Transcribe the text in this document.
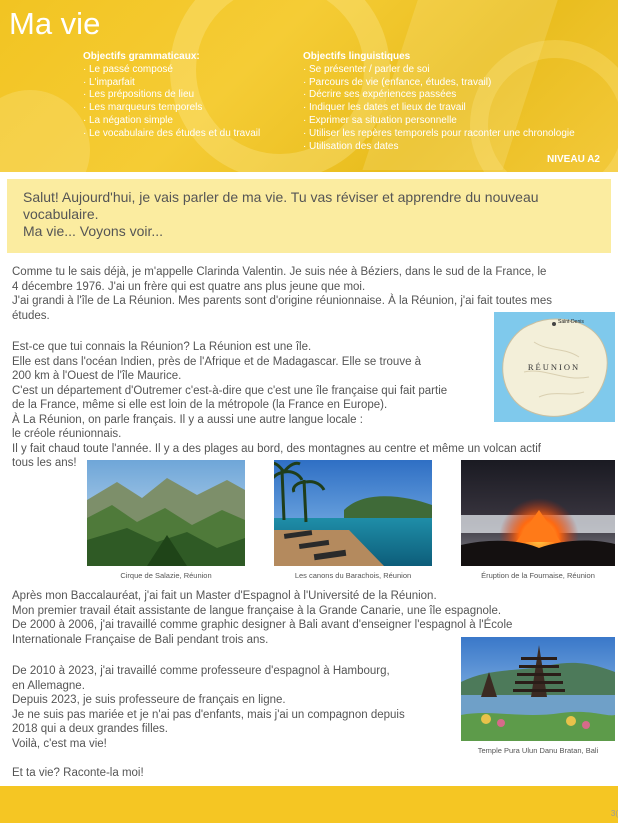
Ma vie
Objectifs grammaticaux:
· Le passé composé
· L'imparfait
· Les prépositions de lieu
· Les marqueurs temporels
· La négation simple
· Le vocabulaire des études et du travail
Objectifs linguistiques
· Se présenter / parler de soi
· Parcours de vie (enfance, études, travail)
· Décrire ses expériences passées
· Indiquer les dates et lieux de travail
· Exprimer sa situation personnelle
· Utiliser les repères temporels pour raconter une chronologie
· Utilisation des dates
NIVEAU A2
Salut! Aujourd'hui, je vais parler de ma vie. Tu vas réviser et apprendre du nouveau
vocabulaire.
Ma vie... Voyons voir...
Comme tu le sais déjà, je m'appelle Clarinda Valentin. Je suis née à Béziers, dans le sud de la France, le
4 décembre 1976. J'ai un frère qui est quatre ans plus jeune que moi.
J'ai grandi à l'île de La Réunion. Mes parents sont d'origine réunionnaise. À la Réunion, j'ai fait toutes mes
études.
Est-ce que tui connais la Réunion? La Réunion est une île.
Elle est dans l'océan Indien, près de l'Afrique et de Madagascar. Elle se trouve à
200 km à l'Ouest de l'île Maurice.
C'est un département d'Outremer c'est-à-dire que c'est une île française qui fait partie
de la France, même si elle est loin de la métropole (la France en Europe).
À La Réunion, on parle français. Il y a aussi une autre langue locale :
le créole réunionnais.
Il y fait chaud toute l'année. Il y a des plages au bord, des montagnes au centre et même un volcan actif
tous les ans!
Saint-Denis
RÉUNION
Cirque de Salazie, Réunion	Les canons du Barachois, Réunion	Éruption de la Fournaise, Réunion
Après mon Baccalauréat, j'ai fait un Master d'Espagnol à l'Université de la Réunion.
Mon premier travail était assistante de langue française à la Grande Canarie, une île espagnole.
De 2000 à 2006, j'ai travaillé comme graphic designer à Bali avant d'enseigner l'espagnol à l'École
Internationale Française de Bali pendant trois ans.
De 2010 à 2023, j'ai travaillé comme professeure d'espagnol à Hambourg,
en Allemagne.
Depuis 2023, je suis professeure de français en ligne.
Je ne suis pas mariée et je n'ai pas d'enfants, mais j'ai un compagnon depuis
2018 qui a deux grandes filles.
Voilà, c'est ma vie!
Temple Pura Ulun Danu Bratan, Bali
Et ta vie? Raconte-la moi!
3(
